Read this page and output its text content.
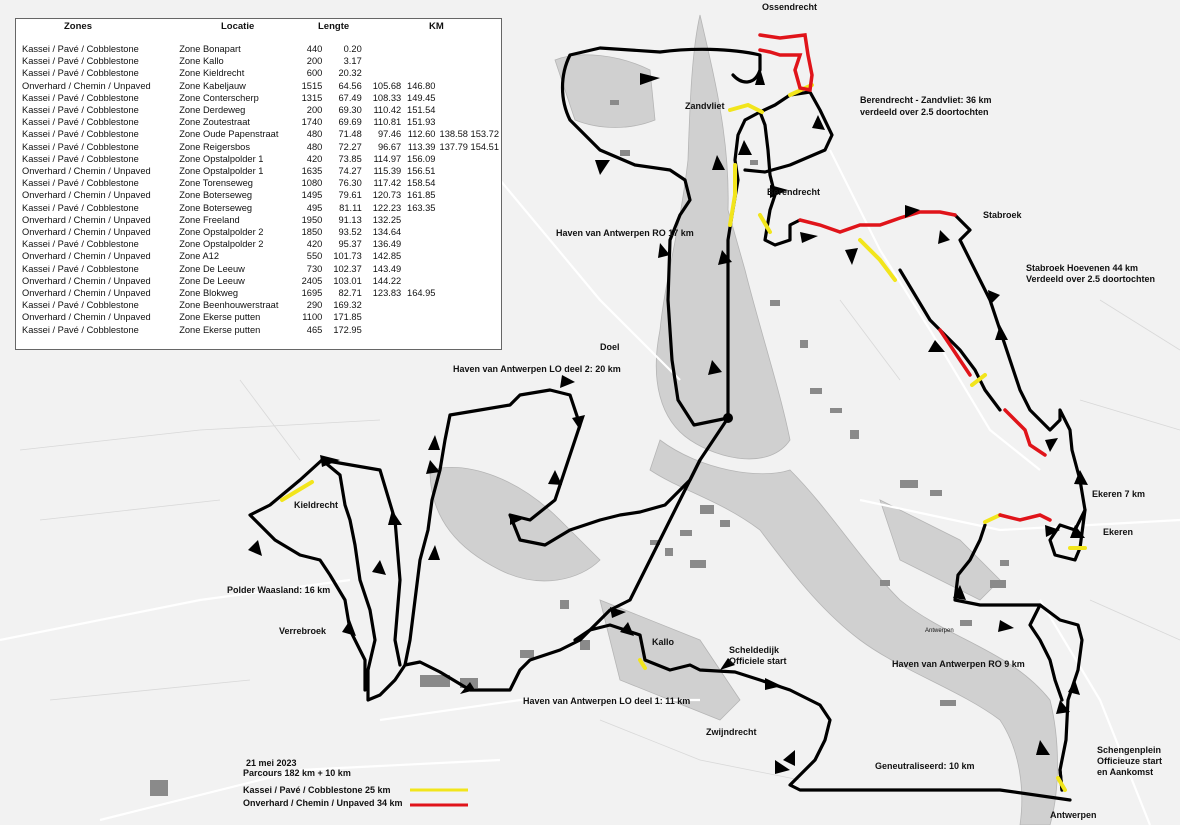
Zones	Locatie	Lengte	KM
Kassei / Pavé / Cobblestone	Zone Bonapart	440	0.20			
Kassei / Pavé / Cobblestone	Zone Kallo	200	3.17			
Kassei / Pavé / Cobblestone	Zone Kieldrecht	600	20.32			
Onverhard / Chemin / Unpaved	Zone Kabeljauw	1515	64.56	105.68	146.80	
Kassei / Pavé / Cobblestone	Zone Conterscherp	1315	67.49	108.33	149.45	
Kassei / Pavé / Cobblestone	Zone Derdeweg	200	69.30	110.42	151.54	
Kassei / Pavé / Cobblestone	Zone Zoutestraat	1740	69.69	110.81	151.93	
Kassei / Pavé / Cobblestone	Zone Oude Papenstraat	480	71.48	97.46	112.60	138.58 153.72
Kassei / Pavé / Cobblestone	Zone Reigersbos	480	72.27	96.67	113.39	137.79 154.51
Kassei / Pavé / Cobblestone	Zone Opstalpolder 1	420	73.85	114.97	156.09	
Onverhard / Chemin / Unpaved	Zone Opstalpolder 1	1635	74.27	115.39	156.51	
Kassei / Pavé / Cobblestone	Zone Torenseweg	1080	76.30	117.42	158.54	
Onverhard / Chemin / Unpaved	Zone Boterseweg	1495	79.61	120.73	161.85	
Kassei / Pavé / Cobblestone	Zone Boterseweg	495	81.11	122.23	163.35	
Onverhard / Chemin / Unpaved	Zone Freeland	1950	91.13	132.25		
Onverhard / Chemin / Unpaved	Zone Opstalpolder 2	1850	93.52	134.64		
Kassei / Pavé / Cobblestone	Zone Opstalpolder 2	420	95.37	136.49		
Onverhard / Chemin / Unpaved	Zone A12	550	101.73	142.85		
Kassei / Pavé / Cobblestone	Zone De Leeuw	730	102.37	143.49		
Onverhard / Chemin / Unpaved	Zone De Leeuw	2405	103.01	144.22		
Onverhard / Chemin / Unpaved	Zone Blokweg	1695	82.71	123.83	164.95	
Kassei / Pavé / Cobblestone	Zone Beenhouwerstraat	290	169.32			
Onverhard / Chemin / Unpaved	Zone Ekerse putten	1100	171.85			
Kassei / Pavé / Cobblestone	Zone Ekerse putten	465	172.95			
Ossendrecht
Zandvliet
Berendrecht - Zandvliet: 36 km
verdeeld over 2.5 doortochten
Berendrecht
Stabroek
Haven van Antwerpen RO 17 km
Stabroek Hoevenen 44 km
Verdeeld over 2.5 doortochten
Doel
Haven van Antwerpen LO deel 2: 20 km
Kieldrecht
Polder Waasland: 16 km
Verrebroek
Ekeren 7 km
Ekeren
Kallo
Scheldedijk
Officiele start
Antwerpen
Haven van Antwerpen RO 9 km
Haven van Antwerpen LO deel 1: 11 km
Zwijndrecht
Schengenplein
Officieuze start
en Aankomst
Geneutraliseerd: 10 km
Antwerpen
21 mei 2023
Parcours 182 km + 10 km
Kassei / Pavé / Cobblestone 25 km
Onverhard / Chemin / Unpaved 34 km
